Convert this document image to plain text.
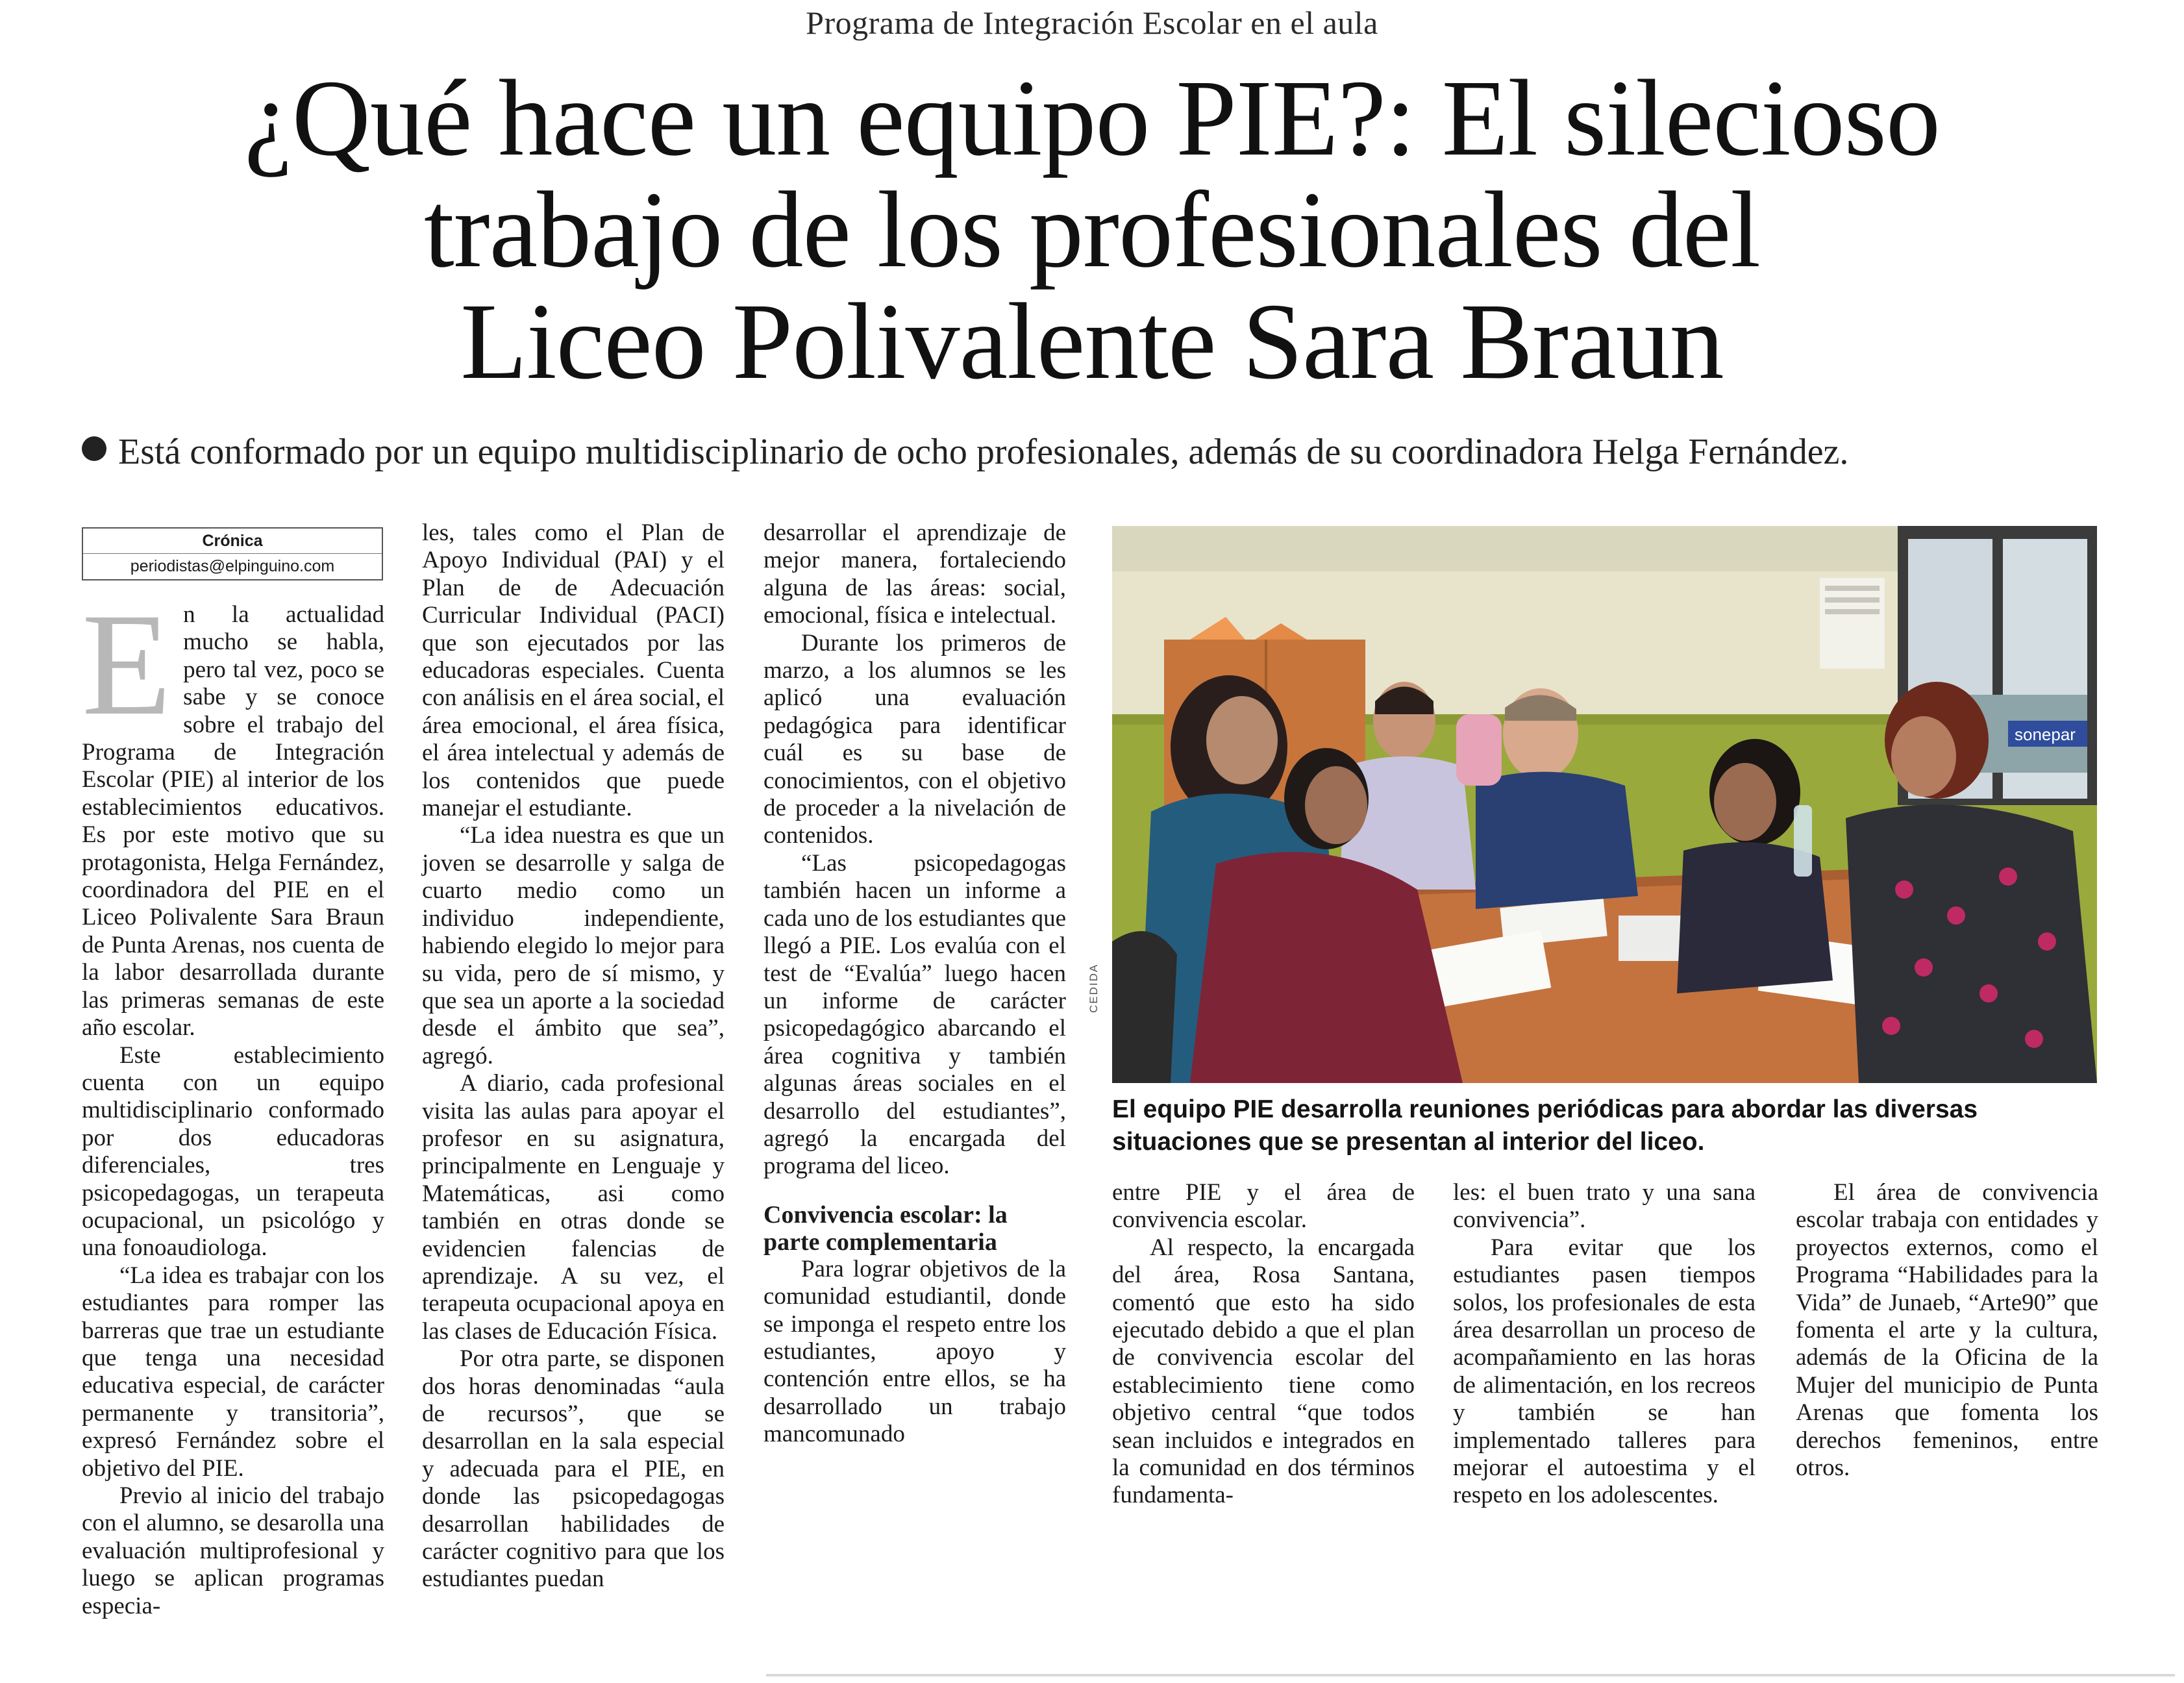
Programa de Integración Escolar en el aula
¿Qué hace un equipo PIE?: El silecioso
trabajo de los profesionales del
Liceo Polivalente Sara Braun
Está conformado por un equipo multidisciplinario de ocho profesionales, además de su coordinadora Helga Fernández.
Crónica
periodistas@elpinguino.com
E n la actualidad mucho se habla, pero tal vez, poco se sabe y se conoce sobre el trabajo del Programa de Integración Escolar (PIE) al interior de los establecimientos educativos. Es por este motivo que su protagonista, Helga Fernández, coordinadora del PIE en el Liceo Polivalente Sara Braun de Punta Arenas, nos cuenta de la labor desarrollada durante las primeras semanas de este año escolar.

Este establecimiento cuenta con un equipo multidisciplinario conformado por dos educadoras diferenciales, tres psicopedagogas, un terapeuta ocupacional, un psicológo y una fonoaudiologa.

“La idea es trabajar con los estudiantes para romper las barreras que trae un estudiante que tenga una necesidad educativa especial, de carácter permanente y transitoria”, expresó Fernández sobre el objetivo del PIE.

Previo al inicio del trabajo con el alumno, se desarolla una evaluación multiprofesional y luego se aplican programas especia-

les, tales como el Plan de Apoyo Individual (PAI) y el Plan de de Adecuación Curricular Individual (PACI) que son ejecutados por las educadoras especiales. Cuenta con análisis en el área social, el área emocional, el área física, el área intelectual y además de los contenidos que puede manejar el estudiante.

“La idea nuestra es que un joven se desarrolle y salga de cuarto medio como un individuo independiente, habiendo elegido lo mejor para su vida, pero de sí mismo, y que sea un aporte a la sociedad desde el ámbito que sea”, agregó.

A diario, cada profesional visita las aulas para apoyar el profesor en su asignatura, principalmente en Lenguaje y Matemáticas, asi como también en otras donde se evidencien falencias de aprendizaje. A su vez, el terapeuta ocupacional apoya en las clases de Educación Física.

Por otra parte, se disponen dos horas denominadas “aula de recursos”, que se desarrollan en la sala especial y adecuada para el PIE, en donde las psicopedagogas desarrollan habilidades de carácter cognitivo para que los estudiantes puedan

desarrollar el aprendizaje de mejor manera, fortaleciendo alguna de las áreas: social, emocional, física e intelectual.

Durante los primeros de marzo, a los alumnos se les aplicó una evaluación pedagógica para identificar cuál es su base de conocimientos, con el objetivo de proceder a la nivelación de contenidos.

“Las psicopedagogas también hacen un informe a cada uno de los estudiantes que llegó a PIE. Los evalúa con el test de “Evalúa” luego hacen un informe de carácter psicopedagógico abarcando el área cognitiva y también algunas áreas sociales en el desarrollo del estudiantes”, agregó la encargada del programa del liceo.

Convivencia escolar: la parte complementaria

Para lograr objetivos de la comunidad estudiantil, donde se imponga el respeto entre los estudiantes, apoyo y contención entre ellos, se ha desarrollado un trabajo mancomunado

sonepar
CEDIDA
El equipo PIE desarrolla reuniones periódicas para abordar las diversas situaciones que se presentan al interior del liceo.

entre PIE y el área de convivencia escolar.

Al respecto, la encargada del área, Rosa Santana, comentó que esto ha sido ejecutado debido a que el plan de convivencia escolar del establecimiento tiene como objetivo central “que todos sean incluidos e integrados en la comunidad en dos términos fundamenta-

les: el buen trato y una sana convivencia”.

Para evitar que los estudiantes pasen tiempos solos, los profesionales de esta área desarrollan un proceso de acompañamiento en las horas de alimentación, en los recreos y también se han implementado talleres para mejorar el autoestima y el respeto en los adolescentes.

El área de convivencia escolar trabaja con entidades y proyectos externos, como el Programa “Habilidades para la Vida” de Junaeb, “Arte90” que fomenta el arte y la cultura, además de la Oficina de la Mujer del municipio de Punta Arenas que fomenta los derechos femeninos, entre otros.
